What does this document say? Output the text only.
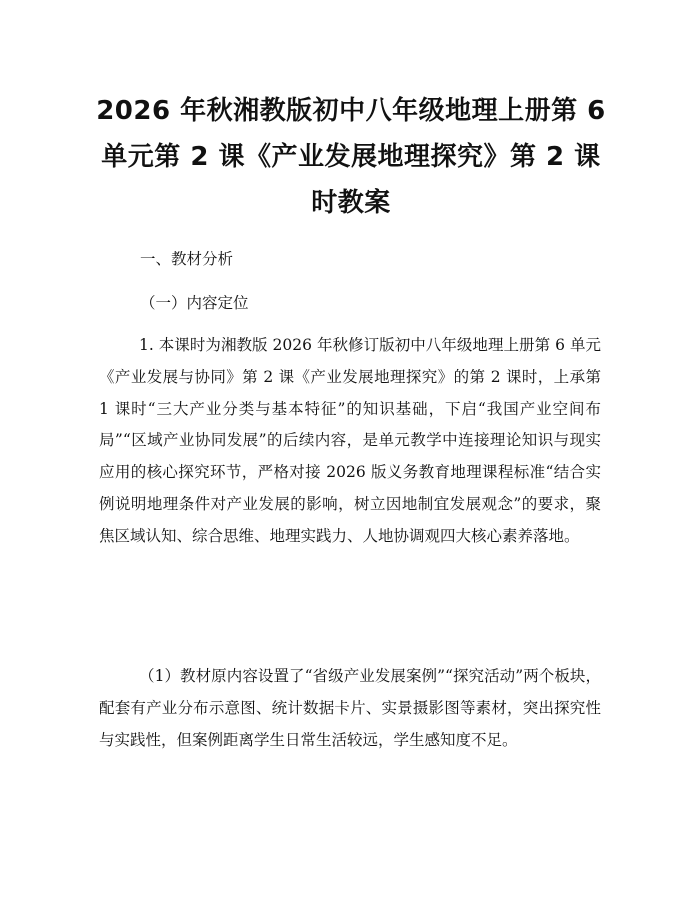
2026 年秋湘教版初中八年级地理上册第 6 单元第 2 课《产业发展地理探究》第 2 课时教案

一、教材分析

（一）内容定位

1. 本课时为湘教版 2026 年秋修订版初中八年级地理上册第 6 单元《产业发展与协同》第 2 课《产业发展地理探究》的第 2 课时，上承第 1 课时“三大产业分类与基本特征”的知识基础，下启“我国产业空间布局”“区域产业协同发展”的后续内容，是单元教学中连接理论知识与现实应用的核心探究环节，严格对接 2026 版义务教育地理课程标准“结合实例说明地理条件对产业发展的影响，树立因地制宜发展观念”的要求，聚焦区域认知、综合思维、地理实践力、人地协调观四大核心素养落地。

（1）教材原内容设置了“省级产业发展案例”“探究活动”两个板块，配套有产业分布示意图、统计数据卡片、实景摄影图等素材，突出探究性与实践性，但案例距离学生日常生活较远，学生感知度不足。
